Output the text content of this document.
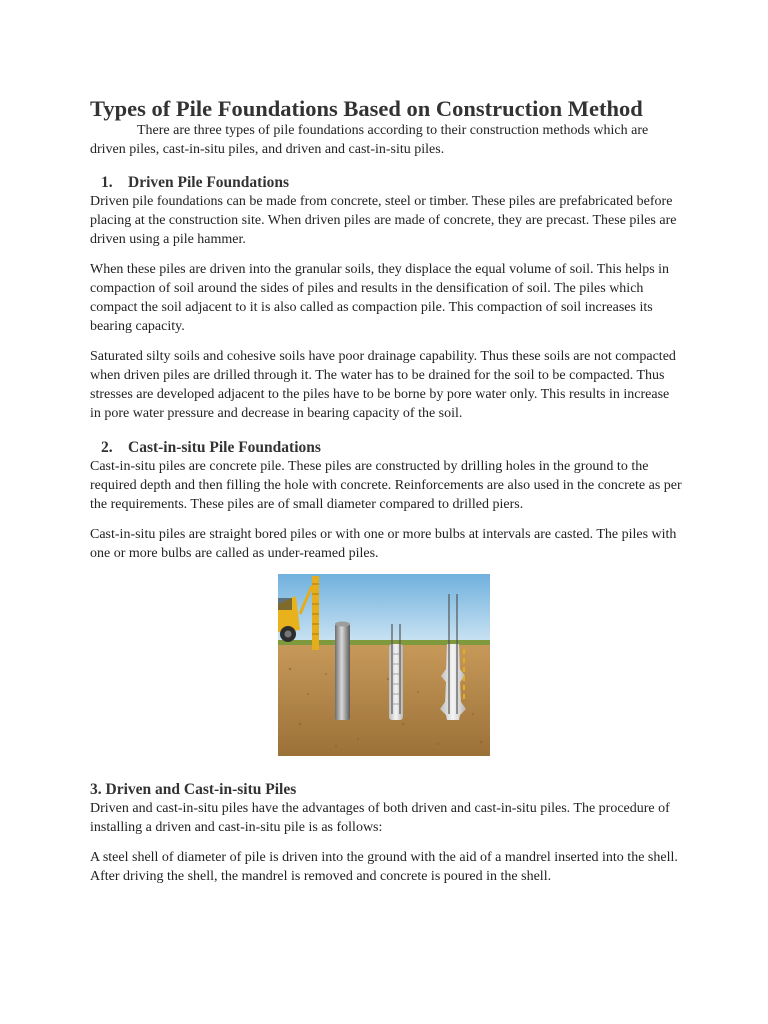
Types of Pile Foundations Based on Construction Method

There are three types of pile foundations according to their construction methods which are driven piles, cast-in-situ piles, and driven and cast-in-situ piles.

1. Driven Pile Foundations

Driven pile foundations can be made from concrete, steel or timber. These piles are prefabricated before placing at the construction site. When driven piles are made of concrete, they are precast. These piles are driven using a pile hammer.

When these piles are driven into the granular soils, they displace the equal volume of soil. This helps in compaction of soil around the sides of piles and results in the densification of soil. The piles which compact the soil adjacent to it is also called as compaction pile. This compaction of soil increases its bearing capacity.

Saturated silty soils and cohesive soils have poor drainage capability. Thus these soils are not compacted when driven piles are drilled through it. The water has to be drained for the soil to be compacted. Thus stresses are developed adjacent to the piles have to be borne by pore water only. This results in increase in pore water pressure and decrease in bearing capacity of the soil.

2. Cast-in-situ Pile Foundations

Cast-in-situ piles are concrete pile. These piles are constructed by drilling holes in the ground to the required depth and then filling the hole with concrete. Reinforcements are also used in the concrete as per the requirements. These piles are of small diameter compared to drilled piers.

Cast-in-situ piles are straight bored piles or with one or more bulbs at intervals are casted. The piles with one or more bulbs are called as under-reamed piles.

3. Driven and Cast-in-situ Piles

Driven and cast-in-situ piles have the advantages of both driven and cast-in-situ piles. The procedure of installing a driven and cast-in-situ pile is as follows:

A steel shell of diameter of pile is driven into the ground with the aid of a mandrel inserted into the shell. After driving the shell, the mandrel is removed and concrete is poured in the shell.
